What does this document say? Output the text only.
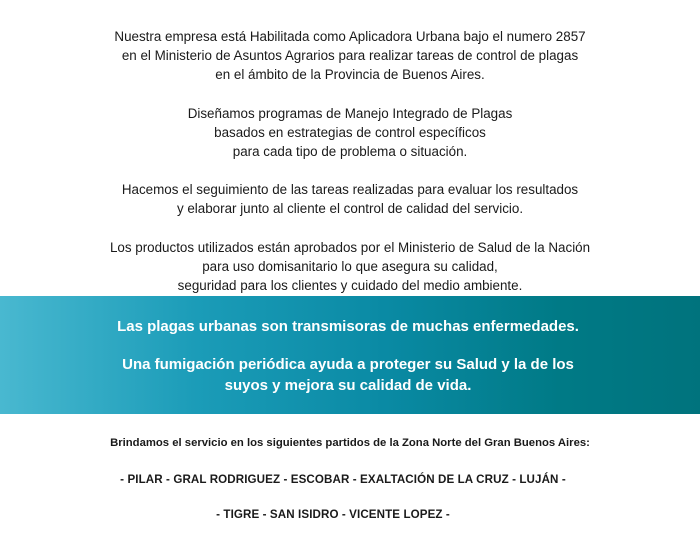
Nuestra empresa está Habilitada como Aplicadora Urbana bajo el numero 2857
en el Ministerio de Asuntos Agrarios para realizar tareas de control de plagas
en el ámbito de la Provincia de Buenos Aires.

Diseñamos programas de Manejo Integrado de Plagas
basados en estrategias de control específicos
para cada tipo de problema o situación.

Hacemos el seguimiento de las tareas realizadas para evaluar los resultados
y elaborar junto al cliente el control de calidad del servicio.

Los productos utilizados están aprobados por el Ministerio de Salud de la Nación
para uso domisanitario lo que asegura su calidad,
seguridad para los clientes y cuidado del medio ambiente.

Las plagas urbanas son transmisoras de muchas enfermedades.

Una fumigación periódica ayuda a proteger su Salud y la de los
suyos y mejora su calidad de vida.

Brindamos el servicio en los siguientes partidos de la Zona Norte del Gran Buenos Aires:

- PILAR - GRAL RODRIGUEZ - ESCOBAR - EXALTACIÓN DE LA CRUZ - LUJÁN -

- TIGRE - SAN ISIDRO - VICENTE LOPEZ -
